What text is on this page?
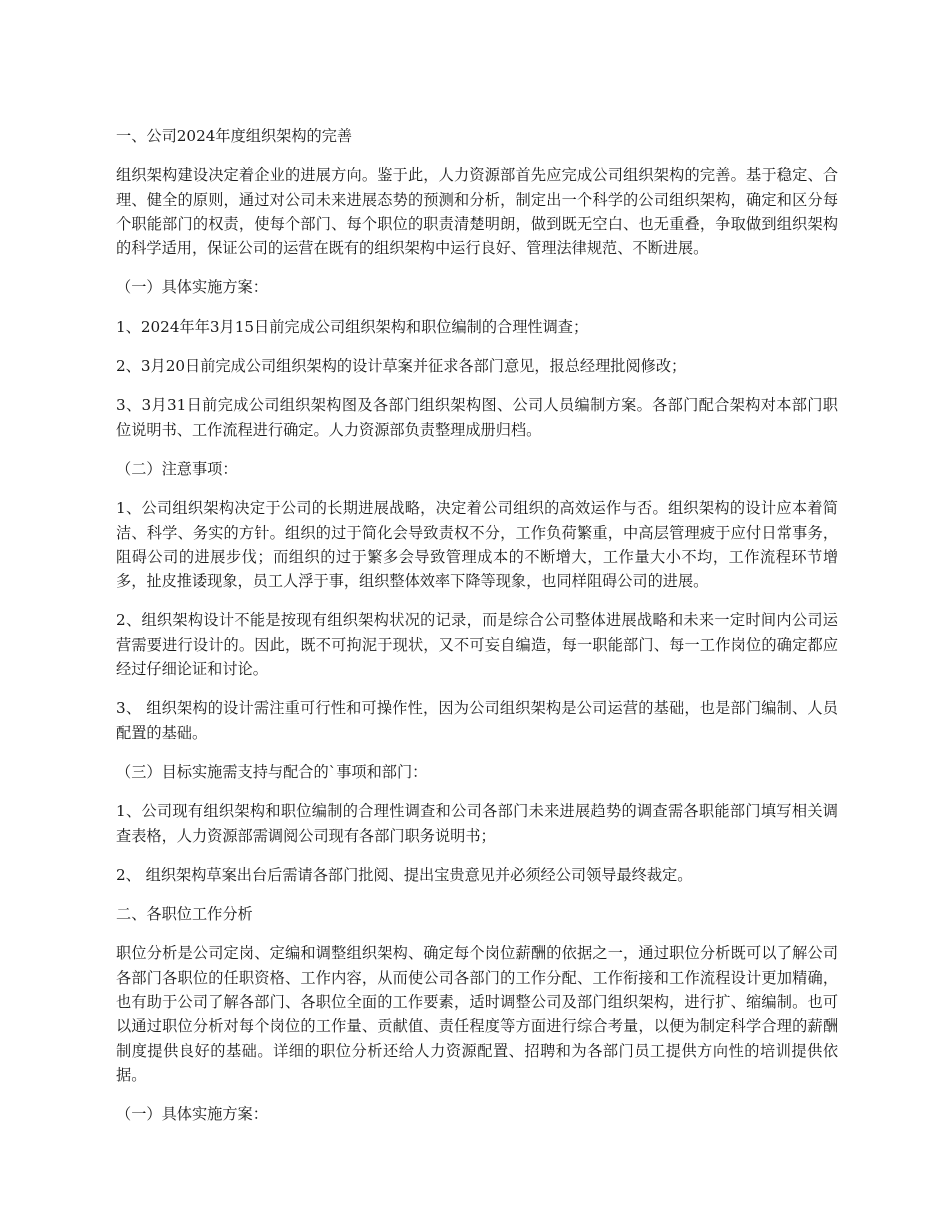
一、公司2024年度组织架构的完善

组织架构建设决定着企业的进展方向。鉴于此，人力资源部首先应完成公司组织架构的完善。基于稳定、合理、健全的原则，通过对公司未来进展态势的预测和分析，制定出一个科学的公司组织架构，确定和区分每个职能部门的权责，使每个部门、每个职位的职责清楚明朗，做到既无空白、也无重叠，争取做到组织架构的科学适用，保证公司的运营在既有的组织架构中运行良好、管理法律规范、不断进展。

（一）具体实施方案：

1、2024年年3月15日前完成公司组织架构和职位编制的合理性调查；

2、3月20日前完成公司组织架构的设计草案并征求各部门意见，报总经理批阅修改；

3、3月31日前完成公司组织架构图及各部门组织架构图、公司人员编制方案。各部门配合架构对本部门职位说明书、工作流程进行确定。人力资源部负责整理成册归档。

（二）注意事项：

1、公司组织架构决定于公司的长期进展战略，决定着公司组织的高效运作与否。组织架构的设计应本着简洁、科学、务实的方针。组织的过于简化会导致责权不分，工作负荷繁重，中高层管理疲于应付日常事务，阻碍公司的进展步伐；而组织的过于繁多会导致管理成本的不断增大，工作量大小不均，工作流程环节增多，扯皮推诿现象，员工人浮于事，组织整体效率下降等现象，也同样阻碍公司的进展。

2、组织架构设计不能是按现有组织架构状况的记录，而是综合公司整体进展战略和未来一定时间内公司运营需要进行设计的。因此，既不可拘泥于现状，又不可妄自编造，每一职能部门、每一工作岗位的确定都应经过仔细论证和讨论。

3、 组织架构的设计需注重可行性和可操作性，因为公司组织架构是公司运营的基础，也是部门编制、人员配置的基础。

（三）目标实施需支持与配合的`事项和部门：

1、公司现有组织架构和职位编制的合理性调查和公司各部门未来进展趋势的调查需各职能部门填写相关调查表格，人力资源部需调阅公司现有各部门职务说明书；

2、 组织架构草案出台后需请各部门批阅、提出宝贵意见并必须经公司领导最终裁定。

二、各职位工作分析

职位分析是公司定岗、定编和调整组织架构、确定每个岗位薪酬的依据之一，通过职位分析既可以了解公司各部门各职位的任职资格、工作内容，从而使公司各部门的工作分配、工作衔接和工作流程设计更加精确，也有助于公司了解各部门、各职位全面的工作要素，适时调整公司及部门组织架构，进行扩、缩编制。也可以通过职位分析对每个岗位的工作量、贡献值、责任程度等方面进行综合考量，以便为制定科学合理的薪酬制度提供良好的基础。详细的职位分析还给人力资源配置、招聘和为各部门员工提供方向性的培训提供依据。

（一）具体实施方案：
